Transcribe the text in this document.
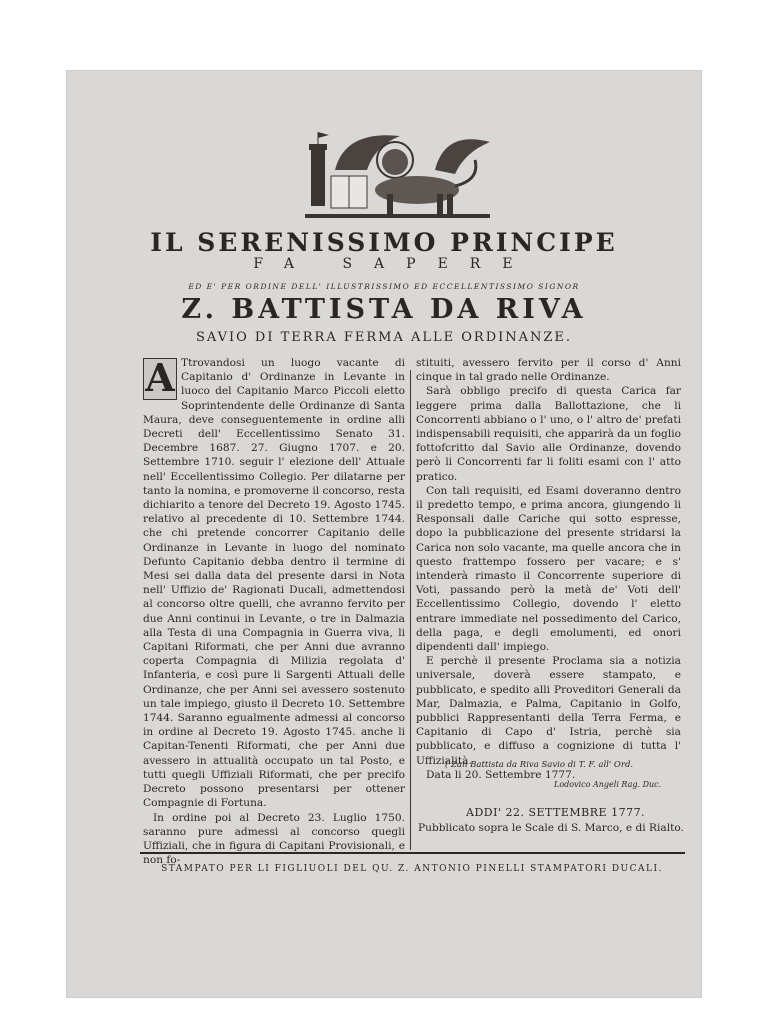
IL SERENISSIMO PRINCIPE
FA SAPERE
ED E' PER ORDINE DELL' ILLUSTRISSIMO ED ECCELLENTISSIMO SIGNOR
Z. BATTISTA DA RIVA
SAVIO DI TERRA FERMA ALLE ORDINANZE.
A Ttrovandosi un luogo vacante di Capitanio d' Ordinanze in Levante in luoco del Capitanio Marco Piccoli eletto Soprintendente delle Ordinanze di Santa Maura, deve conseguentemente in ordine alli Decreti dell' Eccellentissimo Senato 31. Decembre 1687. 27. Giugno 1707. e 20. Settembre 1710. seguir l' elezione dell' Attuale nell' Eccellentissimo Collegio. Per dilatarne per tanto la nomina, e promoverne il concorso, resta dichiarito a tenore del Decreto 19. Agosto 1745. relativo al precedente di 10. Settembre 1744. che chi pretende concorrer Capitanio delle Ordinanze in Levante in luogo del nominato Defunto Capitanio debba dentro il termine di Mesi sei dalla data del presente darsi in Nota nell' Uffizio de' Ragionati Ducali, admettendosi al concorso oltre quelli, che avranno fervito per due Anni continui in Levante, o tre in Dalmazia alla Testa di una Compagnia in Guerra viva, li Capitani Riformati, che per Anni due avranno coperta Compagnia di Milizia regolata d' Infanteria, e così pure li Sargenti Attuali delle Ordinanze, che per Anni sei avessero sostenuto un tale impiego, giusto il Decreto 10. Settembre 1744. Saranno egualmente admessi al concorso in ordine al Decreto 19. Agosto 1745. anche li Capitan-Tenenti Riformati, che per Anni due avessero in attualità occupato un tal Posto, e tutti quegli Uffiziali Riformati, che per precifo Decreto possono presentarsi per ottener Compagnie di Fortuna.

In ordine poi al Decreto 23. Luglio 1750. saranno pure admessi al concorso quegli Uffiziali, che in figura di Capitani Provisionali, e non fo-

stituiti, avessero fervito per il corso d' Anni cinque in tal grado nelle Ordinanze.

Sarà obbligo precifo di questa Carica far leggere prima dalla Ballottazione, che li Concorrenti abbiano o l' uno, o l' altro de' prefati indispensabili requisiti, che apparirà da un foglio fottofcritto dal Savio alle Ordinanze, dovendo però li Concorrenti far li foliti esami con l' atto pratico.

Con tali requisiti, ed Esami doveranno dentro il predetto tempo, e prima ancora, giungendo li Responsali dalle Cariche qui sotto espresse, dopo la pubblicazione del presente stridarsi la Carica non solo vacante, ma quelle ancora che in questo frattempo fossero per vacare; e s' intenderà rimasto il Concorrente superiore di Voti, passando però la metà de' Voti dell' Eccellentissimo Collegio, dovendo l' eletto entrare immediate nel possedimento del Carico, della paga, e degli emolumenti, ed onori dipendenti dall' impiego.

E perchè il presente Proclama sia a notizia universale, doverà essere stampato, e pubblicato, e spedito alli Proveditori Generali da Mar, Dalmazia, e Palma, Capitanio in Golfo, pubblici Rappresentanti della Terra Ferma, e Capitanio di Capo d' Istria, perchè sia pubblicato, e diffuso a cognizione di tutta l' Uffizialità.

Data li 20. Settembre 1777.

( Zan Battista da Riva Savio di T. F. all' Ord.
Lodovico Angeli Rag. Duc.
ADDI' 22. SETTEMBRE 1777.
Pubblicato sopra le Scale di S. Marco, e di Rialto.
STAMPATO PER LI FIGLIUOLI DEL QU. Z. ANTONIO PINELLI STAMPATORI DUCALI.
